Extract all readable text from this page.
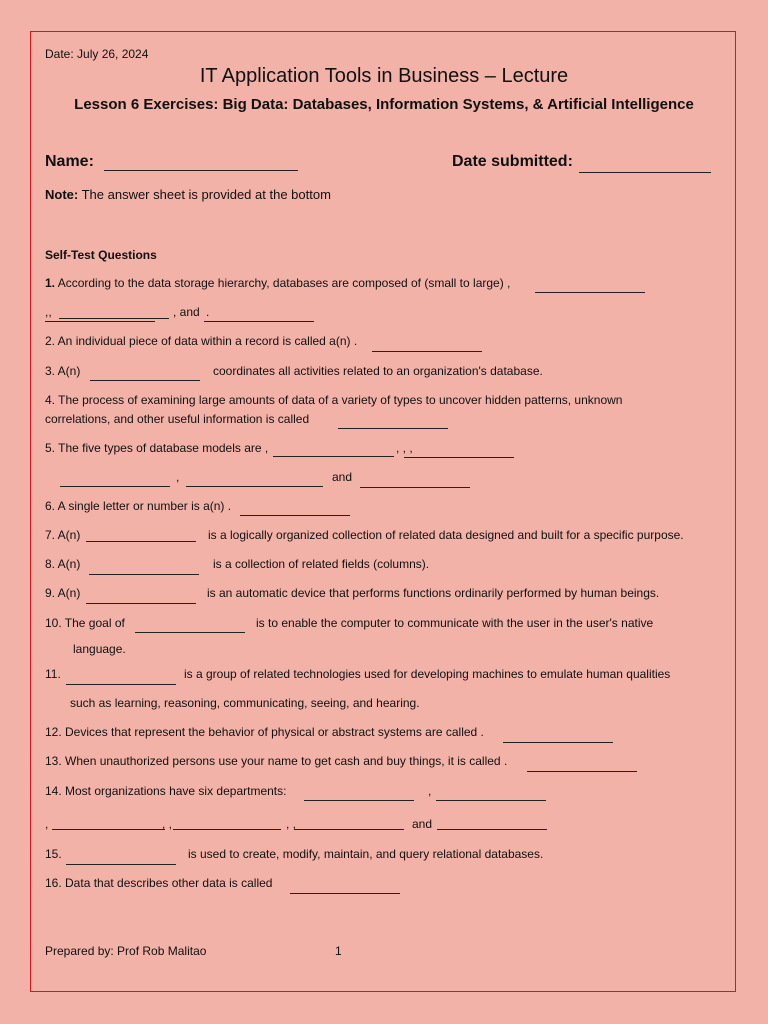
Date: July 26, 2024
IT Application Tools in Business – Lecture
Lesson 6 Exercises: Big Data: Databases, Information Systems, & Artificial Intelligence
Name:	Date submitted:
Note: The answer sheet is provided at the bottom
Self-Test Questions
1. According to the data storage hierarchy, databases are composed of (small to large) ,
,,	, and .
2. An individual piece of data within a record is called a(n) .
3. A(n)	coordinates all activities related to an organization's database.
4. The process of examining large amounts of data of a variety of types to uncover hidden patterns, unknown
correlations, and other useful information is called
5. The five types of database models are ,	, , ,
,	and
6. A single letter or number is a(n) .
7. A(n)	is a logically organized collection of related data designed and built for a specific purpose.
8. A(n)	is a collection of related fields (columns).
9. A(n)	is an automatic device that performs functions ordinarily performed by human beings.
10. The goal of	is to enable the computer to communicate with the user in the user's native
language.
11.	is a group of related technologies used for developing machines to emulate human qualities
such as learning, reasoning, communicating, seeing, and hearing.
12. Devices that represent the behavior of physical or abstract systems are called .
13. When unauthorized persons use your name to get cash and buy things, it is called .
14. Most organizations have six departments:	,
,	, ,	, ,	and
15.	is used to create, modify, maintain, and query relational databases.
16. Data that describes other data is called
Prepared by: Prof Rob Malitao	1
